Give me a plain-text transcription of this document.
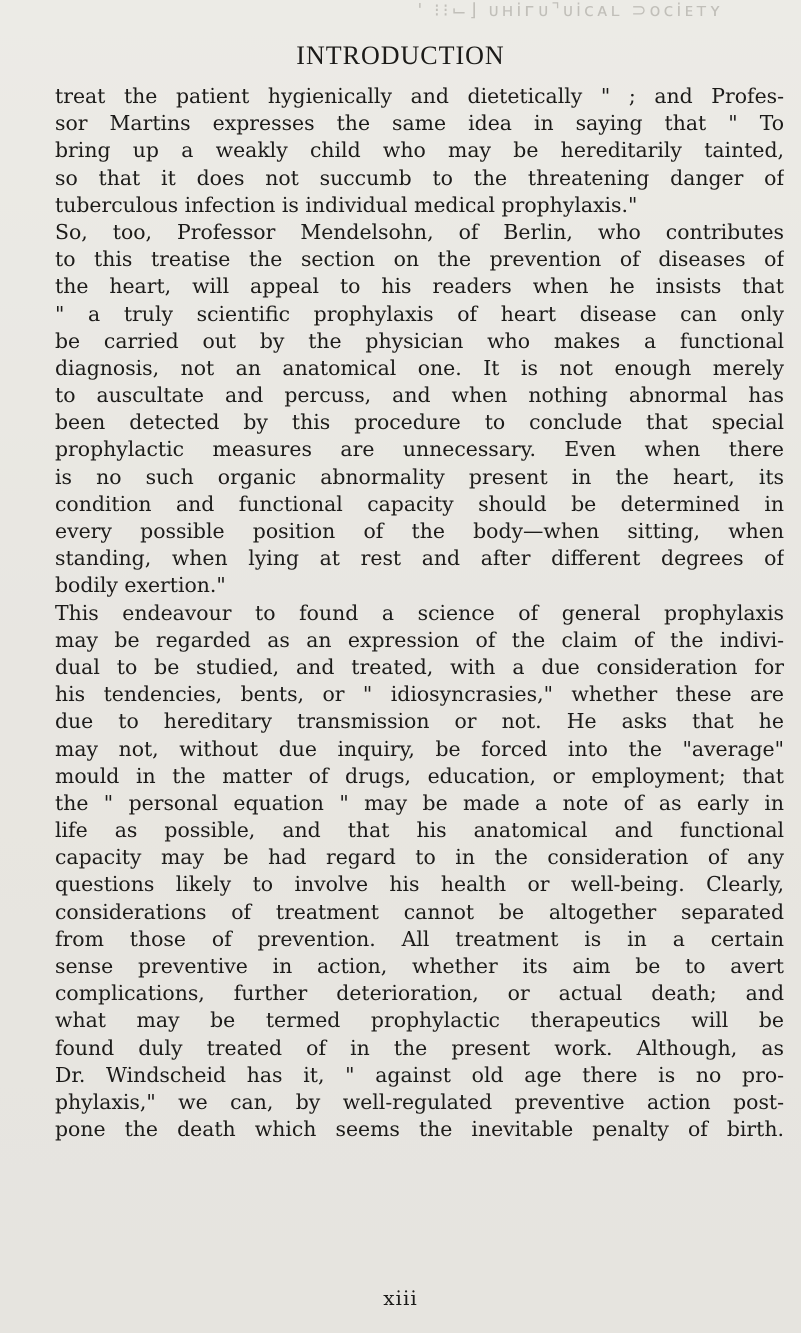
' ⁝⁝⌙⌋ ᴜʜiᴦᴜ⌝ᴜiᴄᴀʟ ⊃ᴏᴄiᴇᴛʏ
INTRODUCTION
treat the patient hygienically and dietetically " ; and Profes-
sor Martins expresses the same idea in saying that " To
bring up a weakly child who may be hereditarily tainted,
so that it does not succumb to the threatening danger of
tuberculous infection is individual medical prophylaxis."
So, too, Professor Mendelsohn, of Berlin, who contributes
to this treatise the section on the prevention of diseases of
the heart, will appeal to his readers when he insists that
" a truly scientific prophylaxis of heart disease can only
be carried out by the physician who makes a functional
diagnosis, not an anatomical one. It is not enough merely
to auscultate and percuss, and when nothing abnormal has
been detected by this procedure to conclude that special
prophylactic measures are unnecessary. Even when there
is no such organic abnormality present in the heart, its
condition and functional capacity should be determined in
every possible position of the body—when sitting, when
standing, when lying at rest and after different degrees of
bodily exertion."
This endeavour to found a science of general prophylaxis
may be regarded as an expression of the claim of the indivi-
dual to be studied, and treated, with a due consideration for
his tendencies, bents, or " idiosyncrasies," whether these are
due to hereditary transmission or not. He asks that he
may not, without due inquiry, be forced into the "average"
mould in the matter of drugs, education, or employment; that
the " personal equation " may be made a note of as early in
life as possible, and that his anatomical and functional
capacity may be had regard to in the consideration of any
questions likely to involve his health or well-being. Clearly,
considerations of treatment cannot be altogether separated
from those of prevention. All treatment is in a certain
sense preventive in action, whether its aim be to avert
complications, further deterioration, or actual death; and
what may be termed prophylactic therapeutics will be
found duly treated of in the present work. Although, as
Dr. Windscheid has it, " against old age there is no pro-
phylaxis," we can, by well-regulated preventive action post-
pone the death which seems the inevitable penalty of birth.
xiii
